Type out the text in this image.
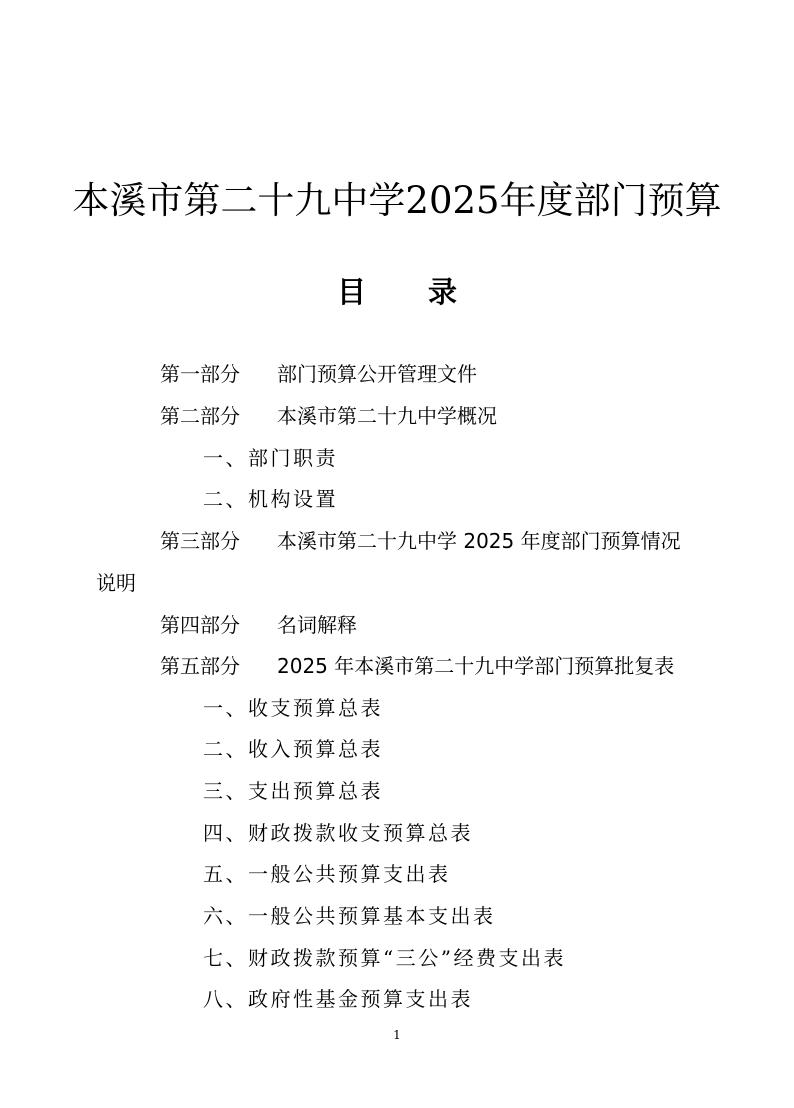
本溪市第二十九中学2025年度部门预算
目 录
第一部分 部门预算公开管理文件
第二部分 本溪市第二十九中学概况
一、部门职责
二、机构设置
第三部分 本溪市第二十九中学 2025 年度部门预算情况
说明
第四部分 名词解释
第五部分 2025 年本溪市第二十九中学部门预算批复表
一、收支预算总表
二、收入预算总表
三、支出预算总表
四、财政拨款收支预算总表
五、一般公共预算支出表
六、一般公共预算基本支出表
七、财政拨款预算“三公”经费支出表
八、政府性基金预算支出表
1
